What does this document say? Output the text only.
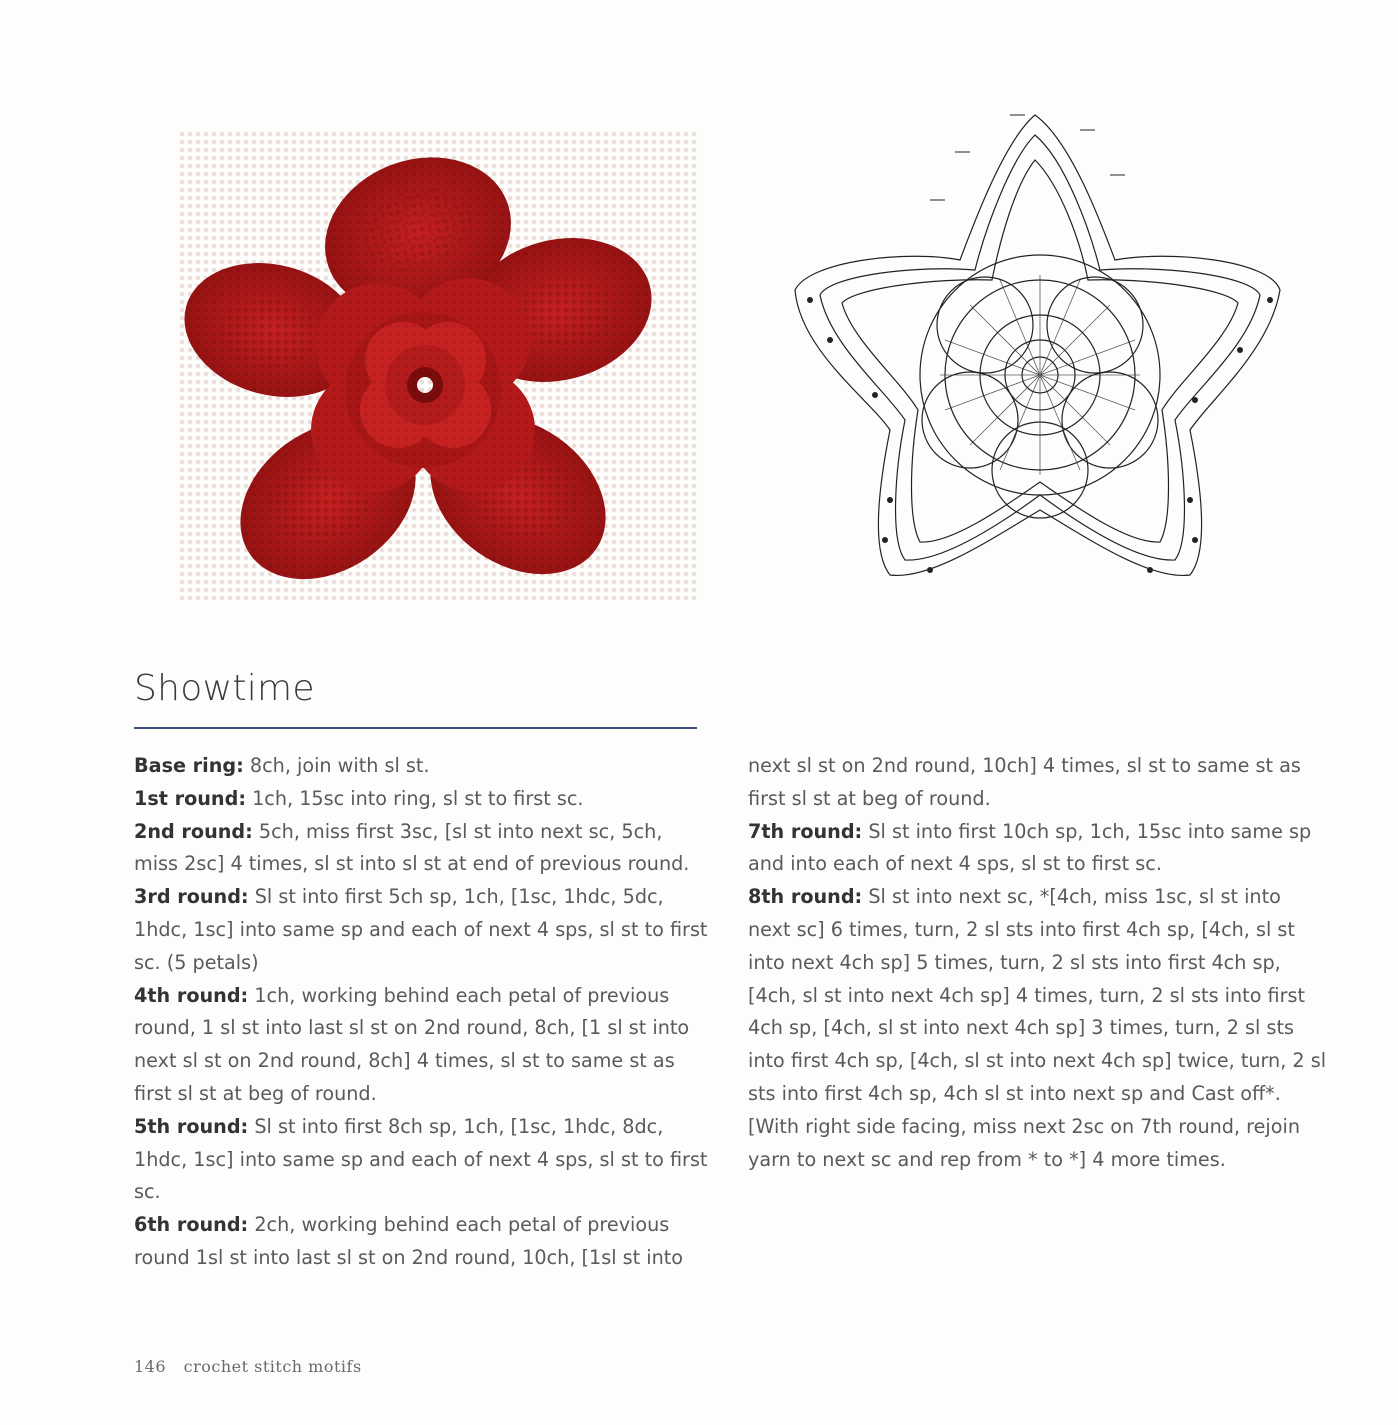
Showtime

Base ring: 8ch, join with sl st.

1st round: 1ch, 15sc into ring, sl st to first sc.

2nd round: 5ch, miss first 3sc, [sl st into next sc, 5ch, miss 2sc] 4 times, sl st into sl st at end of previous round.

3rd round: Sl st into first 5ch sp, 1ch, [1sc, 1hdc, 5dc, 1hdc, 1sc] into same sp and each of next 4 sps, sl st to first sc. (5 petals)

4th round: 1ch, working behind each petal of previous round, 1 sl st into last sl st on 2nd round, 8ch, [1 sl st into next sl st on 2nd round, 8ch] 4 times, sl st to same st as first sl st at beg of round.

5th round: Sl st into first 8ch sp, 1ch, [1sc, 1hdc, 8dc, 1hdc, 1sc] into same sp and each of next 4 sps, sl st to first sc.

6th round: 2ch, working behind each petal of previous round 1sl st into last sl st on 2nd round, 10ch, [1sl st into

next sl st on 2nd round, 10ch] 4 times, sl st to same st as first sl st at beg of round.

7th round: Sl st into first 10ch sp, 1ch, 15sc into same sp and into each of next 4 sps, sl st to first sc.

8th round: Sl st into next sc, *[4ch, miss 1sc, sl st into next sc] 6 times, turn, 2 sl sts into first 4ch sp, [4ch, sl st into next 4ch sp] 5 times, turn, 2 sl sts into first 4ch sp, [4ch, sl st into next 4ch sp] 4 times, turn, 2 sl sts into first 4ch sp, [4ch, sl st into next 4ch sp] 3 times, turn, 2 sl sts into first 4ch sp, [4ch, sl st into next 4ch sp] twice, turn, 2 sl sts into first 4ch sp, 4ch sl st into next sp and Cast off*. [With right side facing, miss next 2sc on 7th round, rejoin yarn to next sc and rep from * to *] 4 more times.

146 crochet stitch motifs
